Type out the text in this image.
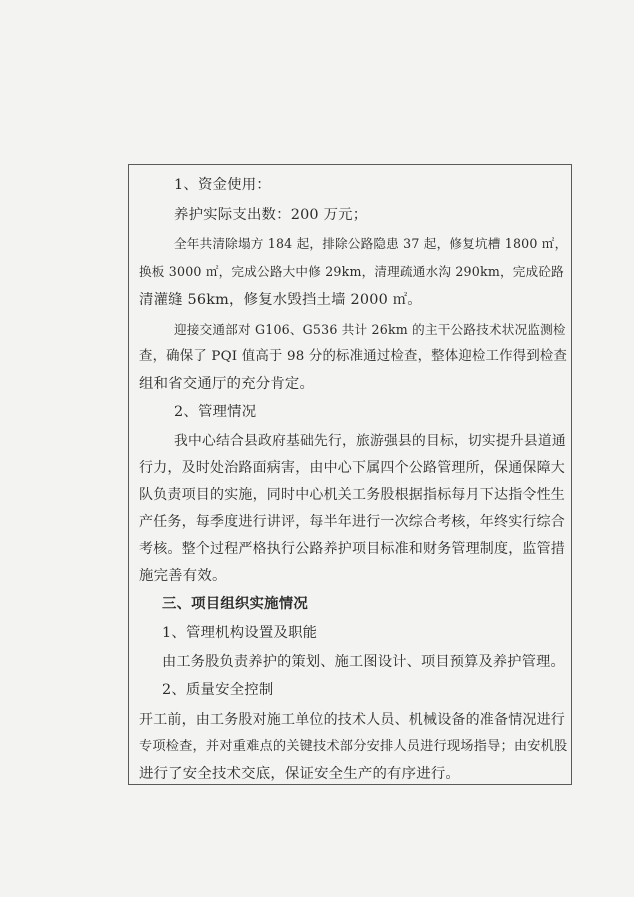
1、资金使用：
养护实际支出数：200 万元；
全年共清除塌方 184 起，排除公路隐患 37 起，修复坑槽 1800 ㎡，
换板 3000 ㎡，完成公路大中修 29km，清理疏通水沟 290km，完成砼路
清灌缝 56km，修复水毁挡土墙 2000 ㎡。
迎接交通部对 G106、G536 共计 26km 的主干公路技术状况监测检
查，确保了 PQI 值高于 98 分的标准通过检查，整体迎检工作得到检查
组和省交通厅的充分肯定。
2、管理情况
我中心结合县政府基础先行，旅游强县的目标，切实提升县道通
行力，及时处治路面病害，由中心下属四个公路管理所，保通保障大
队负责项目的实施，同时中心机关工务股根据指标每月下达指令性生
产任务，每季度进行讲评，每半年进行一次综合考核，年终实行综合
考核。整个过程严格执行公路养护项目标准和财务管理制度，监管措
施完善有效。
三、项目组织实施情况
1、管理机构设置及职能
由工务股负责养护的策划、施工图设计、项目预算及养护管理。
2、质量安全控制
开工前，由工务股对施工单位的技术人员、机械设备的准备情况进行
专项检查，并对重难点的关键技术部分安排人员进行现场指导；由安机股
进行了安全技术交底，保证安全生产的有序进行。
